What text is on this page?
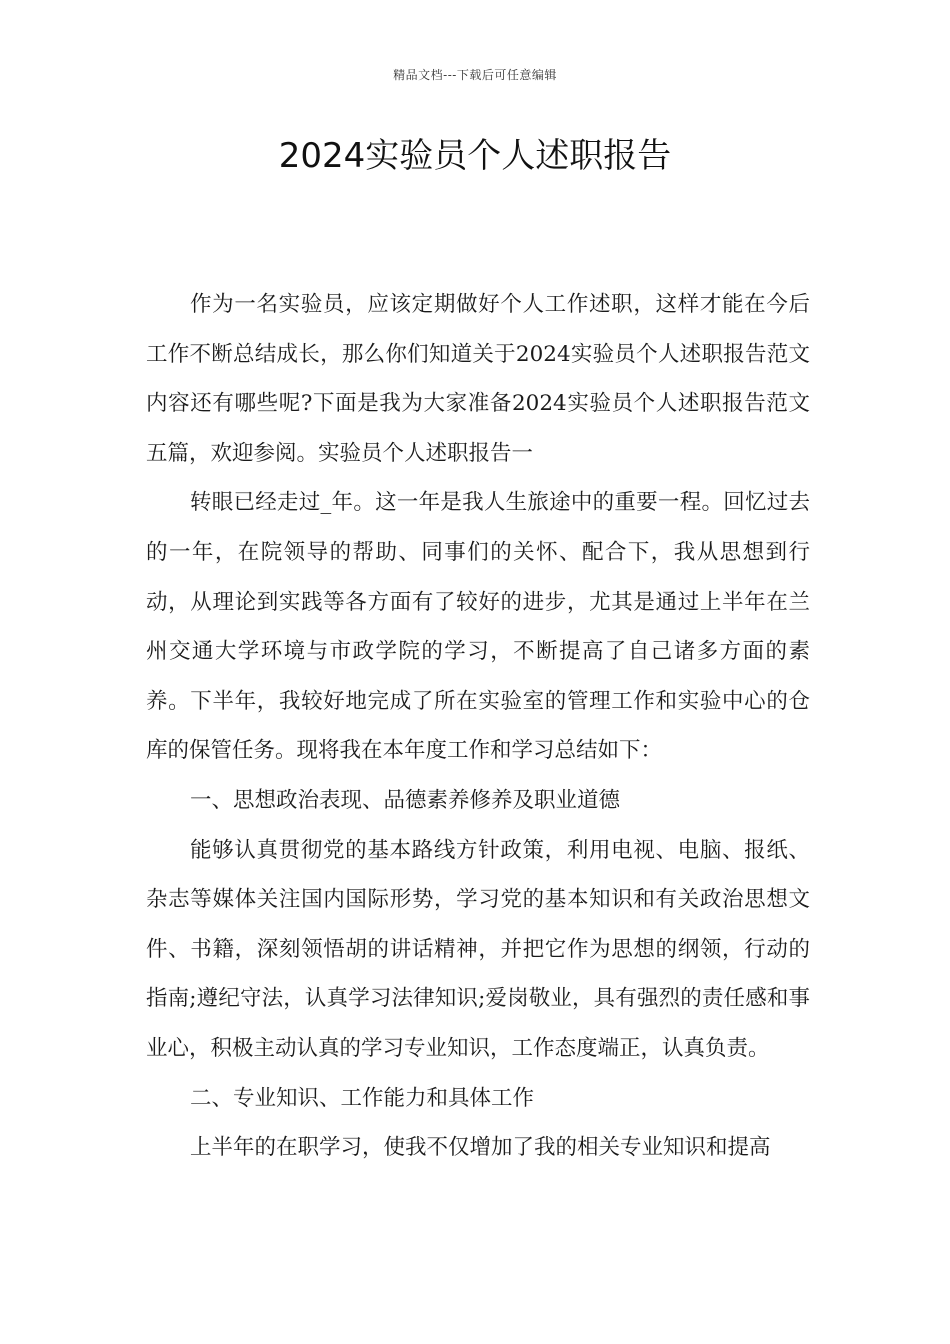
精品文档---下载后可任意编辑
2024实验员个人述职报告

作为一名实验员，应该定期做好个人工作述职，这样才能在今后工作不断总结成长，那么你们知道关于2024实验员个人述职报告范文内容还有哪些呢?下面是我为大家准备2024实验员个人述职报告范文五篇，欢迎参阅。实验员个人述职报告一

转眼已经走过_年。这一年是我人生旅途中的重要一程。回忆过去的一年，在院领导的帮助、同事们的关怀、配合下，我从思想到行动，从理论到实践等各方面有了较好的进步，尤其是通过上半年在兰州交通大学环境与市政学院的学习，不断提高了自己诸多方面的素养。下半年，我较好地完成了所在实验室的管理工作和实验中心的仓库的保管任务。现将我在本年度工作和学习总结如下：

一、思想政治表现、品德素养修养及职业道德

能够认真贯彻党的基本路线方针政策，利用电视、电脑、报纸、杂志等媒体关注国内国际形势，学习党的基本知识和有关政治思想文件、书籍，深刻领悟胡的讲话精神，并把它作为思想的纲领，行动的指南;遵纪守法，认真学习法律知识;爱岗敬业，具有强烈的责任感和事业心，积极主动认真的学习专业知识，工作态度端正，认真负责。

二、专业知识、工作能力和具体工作

上半年的在职学习，使我不仅增加了我的相关专业知识和提高
